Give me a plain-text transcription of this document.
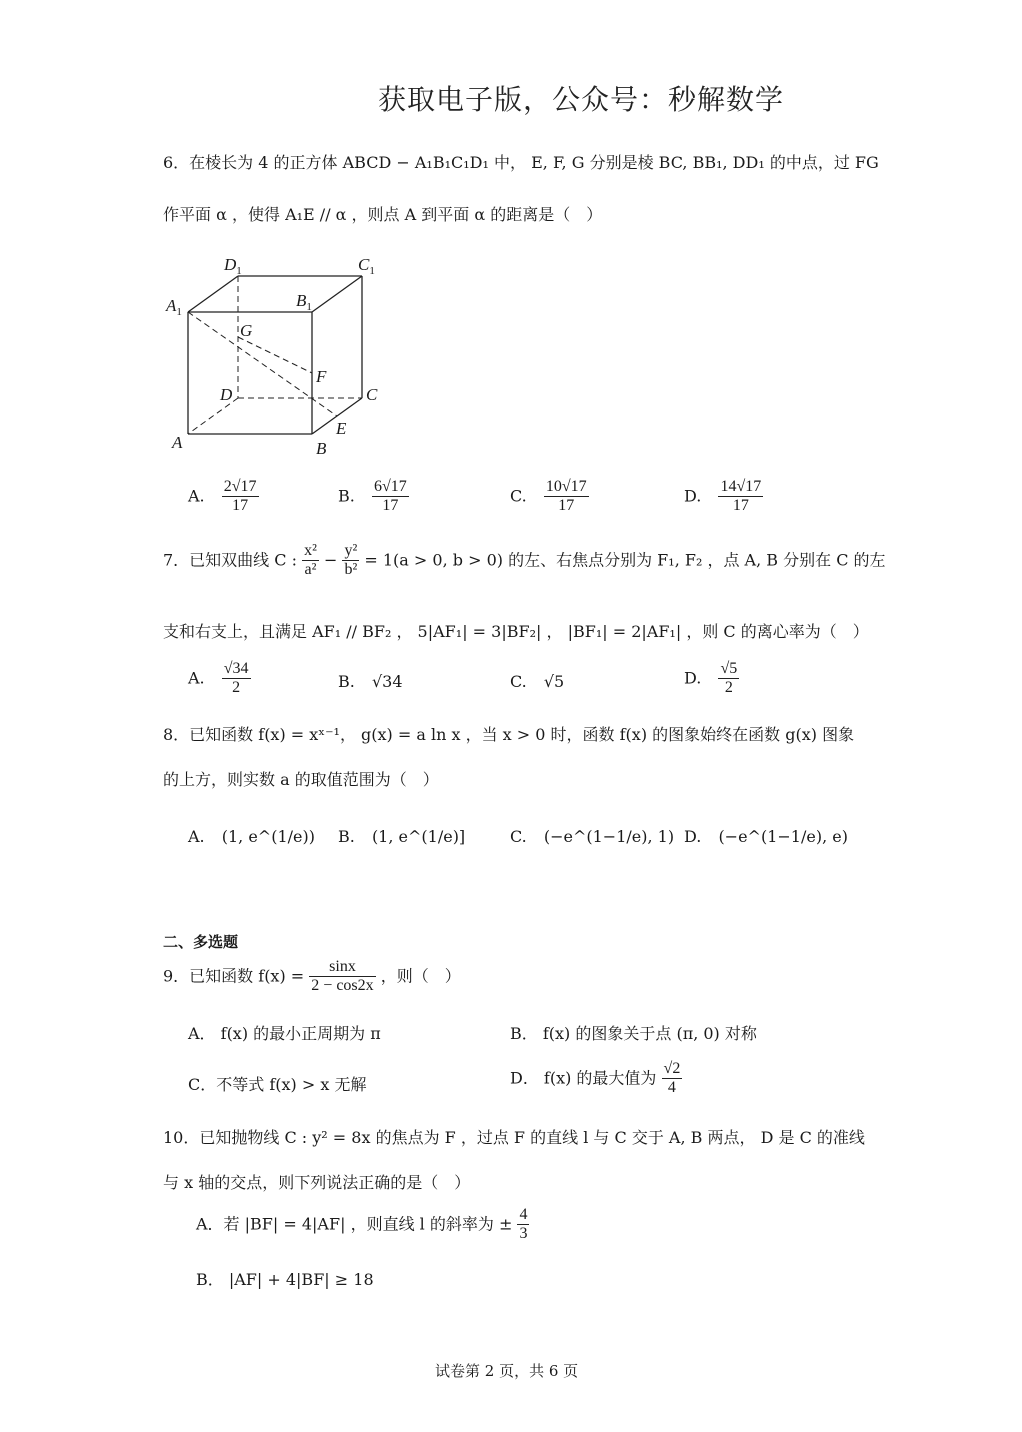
获取电子版，公众号：秒解数学
6．在棱长为 4 的正方体 ABCD − A₁B₁C₁D₁ 中， E, F, G 分别是棱 BC, BB₁, DD₁ 的中点，过 FG
作平面 α ，使得 A₁E // α ，则点 A 到平面 α 的距离是（　）
$D_1$	$C_1$
$A_1$
$B_1$
G
F
D	C
A
E
B
A. $\frac{2√17}{17}$	B. $\frac{6√17}{17}$	C. $\frac{10√17}{17}$	D. $\frac{14√17}{17}$
7．已知双曲线 C : $\frac{\text{x²}}{\text{a²}} - \frac{\text{y²}}{\text{b²}} = 1(a > 0$, b > 0) 的左、右焦点分别为 F₁, F₂ ，点 A, B 分别在 C 的左
支和右支上，且满足 AF₁ // BF₂ ， 5|AF₁| = 3|BF₂| ， |BF₁| = 2|AF₁| ，则 C 的离心率为（　）
A. $\frac{√34}{2}$	B. √34	C. √5	D. $\frac{√5}{2}$
8．已知函数 f(x) = xˣ⁻¹， g(x) = a ln x ，当 x > 0 时，函数 f(x) 的图象始终在函数 g(x) 图象
的上方，则实数 a 的取值范围为（　）
A. (1, e^(1/e)) B. (1, e^(1/e)]	C. (−e^(1−1/e), 1) D. (−e^(1−1/e), e)
二、多选题
9．已知函数 $f(x) = \frac{\sin x}{2 - \cos 2x}$ ，则（　）
A． f(x) 的最小正周期为 π	B． f(x) 的图象关于点 (π, 0) 对称
C．不等式 f(x) > x 无解	D． f(x) 的最大值为 $\frac{√2}{4}$
10．已知抛物线 C : y² = 8x 的焦点为 F ，过点 F 的直线 l 与 C 交于 A, B 两点， D 是 C 的准线
与 x 轴的交点，则下列说法正确的是（　）
A．若 |BF| = 4|AF| ，则直线 l 的斜率为 ± $\frac{4}{3}$
B． |AF| + 4|BF| ≥ 18
试卷第 2 页，共 6 页
